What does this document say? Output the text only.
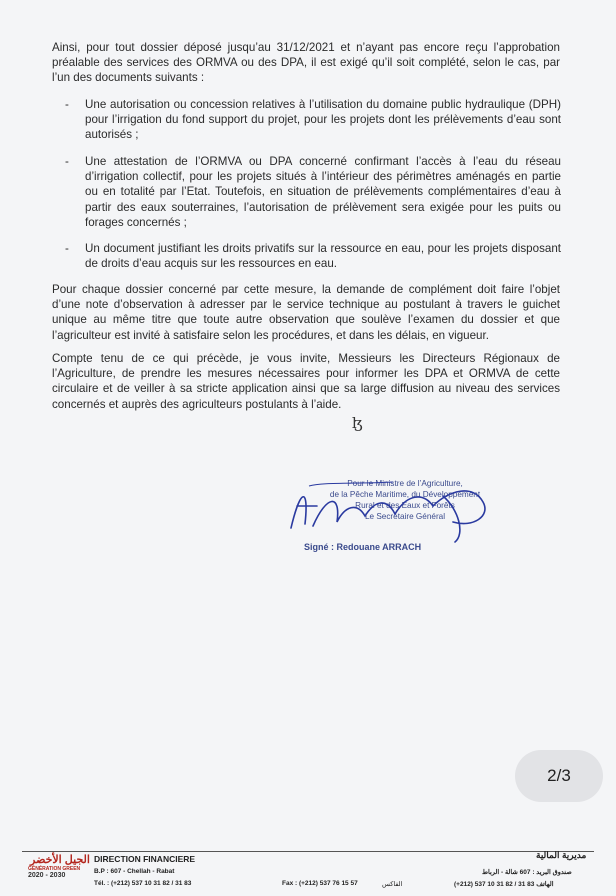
Ainsi, pour tout dossier déposé jusqu’au 31/12/2021 et n’ayant pas encore reçu l’approbation préalable des services des ORMVA ou des DPA, il est exigé qu’il soit complété, selon le cas, par l’un des documents suivants :

- Une autorisation ou concession relatives à l’utilisation du domaine public hydraulique (DPH) pour l’irrigation du fond support du projet, pour les projets dont les prélèvements d’eau sont autorisés ;
- Une attestation de l’ORMVA ou DPA concerné confirmant l’accès à l’eau du réseau d’irrigation collectif, pour les projets situés à l’intérieur des périmètres aménagés en partie ou en totalité par l’Etat. Toutefois, en situation de prélèvements complémentaires d’eau à partir des eaux souterraines, l’autorisation de prélèvement sera exigée pour les puits ou forages concernés ;
- Un document justifiant les droits privatifs sur la ressource en eau, pour les projets disposant de droits d’eau acquis sur les ressources en eau.

Pour chaque dossier concerné par cette mesure, la demande de complément doit faire l’objet d’une note d’observation à adresser par le service technique au postulant à travers le guichet unique au même titre que toute autre observation que soulève l’examen du dossier et que l’agriculteur est invité à satisfaire selon les procédures, et dans les délais, en vigueur.

Compte tenu de ce qui précède, je vous invite, Messieurs les Directeurs Régionaux de l’Agriculture, de prendre les mesures nécessaires pour informer les DPA et ORMVA de cette circulaire et de veiller à sa stricte application ainsi que sa large diffusion au niveau des services concernés et auprès des agriculteurs postulants à l’aide.

ɮ
Pour le Ministre de l’Agriculture,
de la Pêche Maritime, du Développement
Rural et des Eaux et Forêts
Le Secrétaire Général
Signé : Redouane ARRACH
2/3
الجيل الأخضر
GÉNÉRATION GREEN
2020 - 2030
DIRECTION FINANCIERE
B.P : 607 - Chellah - Rabat
Tél. : (+212) 537 10 31 82 / 31 83	Fax : (+212) 537 76 15 57	الفاكس
مديرية المالية
صندوق البريد : 607 شالة - الرباط
(+212) 537 10 31 82 / 31 83 الهاتف
